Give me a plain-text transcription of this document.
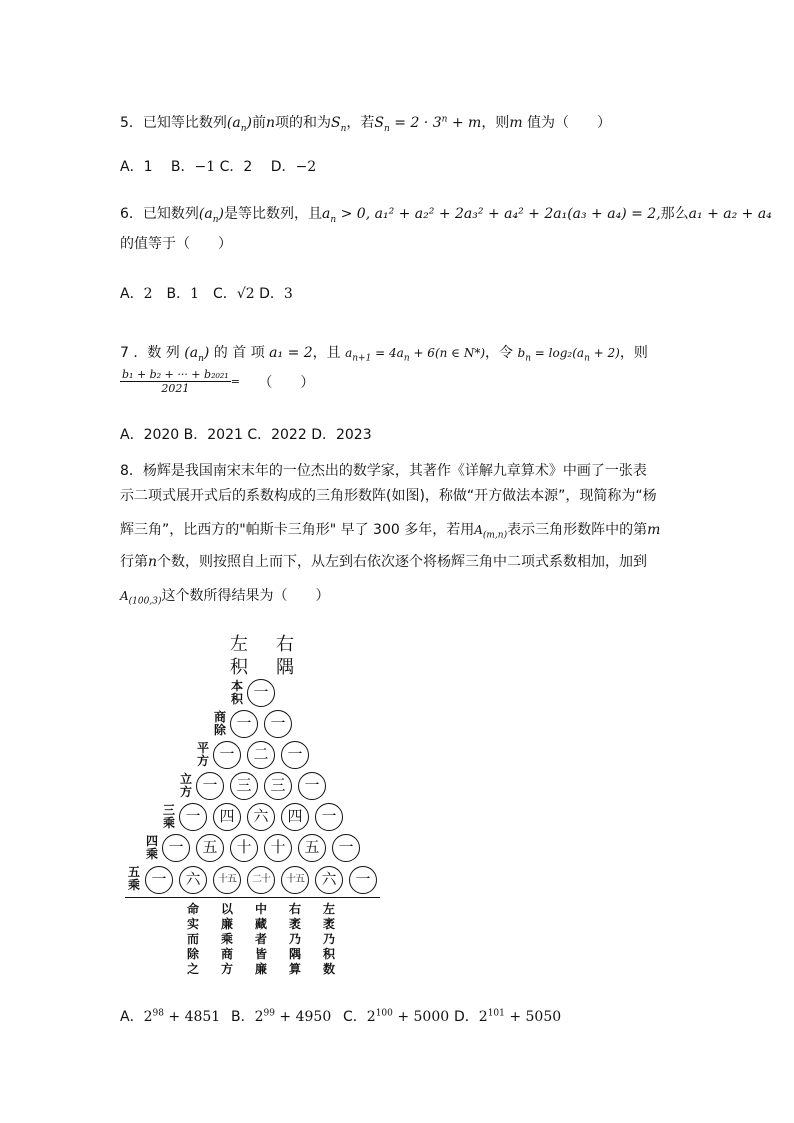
5．已知等比数列$(a_n)$前n项的和为$S_n$，若$S_n = 2 \cdot 3^n + m$，则m 值为（　　）
A．1　 B．−1 C．2　 D．−2
6．已知数列$(a_n)$是等比数列，且$a_n > 0$, a₁² + a₂² + 2a₃² + a₄² + 2a₁(a₃ + a₄) = 2,那么a₁ + a₂ + a₄
的值等于（　　）
A．2　B．1　C．√2 D．3
7 ．数 列 $(a_n)$ 的 首 项 a₁ = 2，且 $a_{n+1} = 4a_n + 6(n$ ∈ N*)，令 $b_n = \log_2(a_n + 2)$，则
$\frac{\text{b₁ + b₂ + ··· + b₂₀₂₁}}{2021}$ = （　　）
A．2020 B．2021 C．2022 D．2023
8．杨辉是我国南宋末年的一位杰出的数学家，其著作《详解九章算术》中画了一张表
示二项式展开式后的系数构成的三角形数阵(如图)，称做“开方做法本源”，现简称为“杨
辉三角”，比西方的"帕斯卡三角形" 早了 300 多年，若用$A_{(m,n)}$表示三角形数阵中的第m
行第n个数，则按照自上而下，从左到右依次逐个将杨辉三角中二项式系数相加，加到
$A_{(100,3)}$这个数所得结果为（　　）
左
积
右
隅
本
积
商
除
平
方
立
方
三
乘
四
乘
五
乘
一
一	一
一	二	一
一	三	三	一
一	四	六	四	一
一	五	十	十	五	一
一	六	十五	二十	十五	六	一
命实而除之
以廉乘商方
中藏者皆廉
右袤乃隅算
左袤乃积数
A．$2^{98} + 4851$ B．$2^{99} + 4950$ C．$2^{100} + 5000$ D．$2^{101} + 5050$
